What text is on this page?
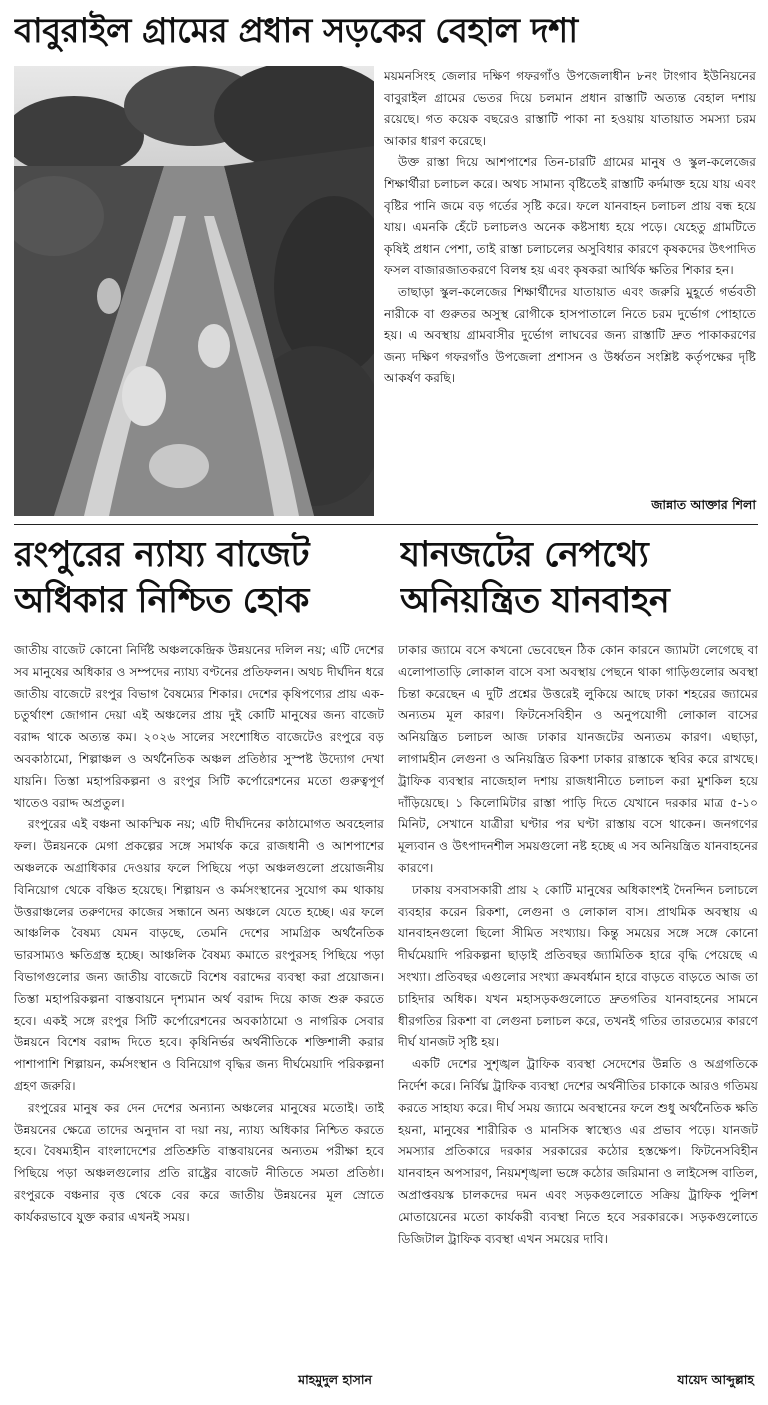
বাবুরাইল গ্রামের প্রধান সড়কের বেহাল দশা

ময়মনসিংহ জেলার দক্ষিণ গফরগাঁও উপজেলাধীন ৮নং টাংগাব ইউনিয়নের বাবুরাইল গ্রামের ভেতর দিয়ে চলমান প্রধান রাস্তাটি অত্যন্ত বেহাল দশায় রয়েছে। গত কয়েক বছরেও রাস্তাটি পাকা না হওয়ায় যাতায়াত সমস্যা চরম আকার ধারণ করেছে।

উক্ত রাস্তা দিয়ে আশপাশের তিন-চারটি গ্রামের মানুষ ও স্কুল-কলেজের শিক্ষার্থীরা চলাচল করে। অথচ সামান্য বৃষ্টিতেই রাস্তাটি কর্দমাক্ত হয়ে যায় এবং বৃষ্টির পানি জমে বড় গর্তের সৃষ্টি করে। ফলে যানবাহন চলাচল প্রায় বন্ধ হয়ে যায়। এমনকি হেঁটে চলাচলও অনেক কষ্টসাধ্য হয়ে পড়ে। যেহেতু গ্রামটিতে কৃষিই প্রধান পেশা, তাই রাস্তা চলাচলের অসুবিধার কারণে কৃষকদের উৎপাদিত ফসল বাজারজাতকরণে বিলম্ব হয় এবং কৃষকরা আর্থিক ক্ষতির শিকার হন।

তাছাড়া স্কুল-কলেজের শিক্ষার্থীদের যাতায়াত এবং জরুরি মুহূর্তে গর্ভবতী নারীকে বা গুরুতর অসুস্থ রোগীকে হাসপাতালে নিতে চরম দুর্ভোগ পোহাতে হয়। এ অবস্থায় গ্রামবাসীর দুর্ভোগ লাঘবের জন্য রাস্তাটি দ্রুত পাকাকরণের জন্য দক্ষিণ গফরগাঁও উপজেলা প্রশাসন ও উর্ধ্বতন সংশ্লিষ্ট কর্তৃপক্ষের দৃষ্টি আকর্ষণ করছি।

জান্নাত আক্তার শিলা
রংপুরের ন্যায্য বাজেট
অধিকার নিশ্চিত হোক
যানজটের নেপথ্যে
অনিয়ন্ত্রিত যানবাহন

জাতীয় বাজেট কোনো নির্দিষ্ট অঞ্চলকেন্দ্রিক উন্নয়নের দলিল নয়; এটি দেশের সব মানুষের অধিকার ও সম্পদের ন্যায্য বণ্টনের প্রতিফলন। অথচ দীর্ঘদিন ধরে জাতীয় বাজেটে রংপুর বিভাগ বৈষম্যের শিকার। দেশের কৃষিপণ্যের প্রায় এক-চতুর্থাংশ জোগান দেয়া এই অঞ্চলের প্রায় দুই কোটি মানুষের জন্য বাজেট বরাদ্দ থাকে অত্যন্ত কম। ২০২৬ সালের সংশোধিত বাজেটেও রংপুরে বড় অবকাঠামো, শিল্পাঞ্চল ও অর্থনৈতিক অঞ্চল প্রতিষ্ঠার সুস্পষ্ট উদ্যোগ দেখা যায়নি। তিস্তা মহাপরিকল্পনা ও রংপুর সিটি কর্পোরেশনের মতো গুরুত্বপূর্ণ খাতেও বরাদ্দ অপ্রতুল।

রংপুরের এই বঞ্চনা আকস্মিক নয়; এটি দীর্ঘদিনের কাঠামোগত অবহেলার ফল। উন্নয়নকে মেগা প্রকল্পের সঙ্গে সমার্থক করে রাজধানী ও আশপাশের অঞ্চলকে অগ্রাধিকার দেওয়ার ফলে পিছিয়ে পড়া অঞ্চলগুলো প্রয়োজনীয় বিনিয়োগ থেকে বঞ্চিত হয়েছে। শিল্পায়ন ও কর্মসংস্থানের সুযোগ কম থাকায় উত্তরাঞ্চলের তরুণদের কাজের সন্ধানে অন্য অঞ্চলে যেতে হচ্ছে। এর ফলে আঞ্চলিক বৈষম্য যেমন বাড়ছে, তেমনি দেশের সামগ্রিক অর্থনৈতিক ভারসাম্যও ক্ষতিগ্রস্ত হচ্ছে। আঞ্চলিক বৈষম্য কমাতে রংপুরসহ পিছিয়ে পড়া বিভাগগুলোর জন্য জাতীয় বাজেটে বিশেষ বরাদ্দের ব্যবস্থা করা প্রয়োজন। তিস্তা মহাপরিকল্পনা বাস্তবায়নে দৃশ্যমান অর্থ বরাদ্দ দিয়ে কাজ শুরু করতে হবে। একই সঙ্গে রংপুর সিটি কর্পোরেশনের অবকাঠামো ও নাগরিক সেবার উন্নয়নে বিশেষ বরাদ্দ দিতে হবে। কৃষিনির্ভর অর্থনীতিকে শক্তিশালী করার পাশাপাশি শিল্পায়ন, কর্মসংস্থান ও বিনিয়োগ বৃদ্ধির জন্য দীর্ঘমেয়াদি পরিকল্পনা গ্রহণ জরুরি।

রংপুরের মানুষ কর দেন দেশের অন্যান্য অঞ্চলের মানুষের মতোই। তাই উন্নয়নের ক্ষেত্রে তাদের অনুদান বা দয়া নয়, ন্যায্য অধিকার নিশ্চিত করতে হবে। বৈষম্যহীন বাংলাদেশের প্রতিশ্রুতি বাস্তবায়নের অন্যতম পরীক্ষা হবে পিছিয়ে পড়া অঞ্চলগুলোর প্রতি রাষ্ট্রের বাজেট নীতিতে সমতা প্রতিষ্ঠা। রংপুরকে বঞ্চনার বৃত্ত থেকে বের করে জাতীয় উন্নয়নের মূল স্রোতে কার্যকরভাবে যুক্ত করার এখনই সময়।

মাহমুদুল হাসান

ঢাকার জ্যামে বসে কখনো ভেবেছেন ঠিক কোন কারনে জ্যামটা লেগেছে বা এলোপাতাড়ি লোকাল বাসে বসা অবস্থায় পেছনে থাকা গাড়িগুলোর অবস্থা চিন্তা করেছেন এ দুটি প্রশ্নের উত্তরেই লুকিয়ে আছে ঢাকা শহরের জ্যামের অন্যতম মূল কারণ। ফিটনেসবিহীন ও অনুপযোগী লোকাল বাসের অনিয়ন্ত্রিত চলাচল আজ ঢাকার যানজটের অন্যতম কারণ। এছাড়া, লাগামহীন লেগুনা ও অনিয়ন্ত্রিত রিকশা ঢাকার রাস্তাকে স্থবির করে রাখছে। ট্রাফিক ব্যবস্থার নাজেহাল দশায় রাজধানীতে চলাচল করা মুশকিল হয়ে দাঁড়িয়েছে। ১ কিলোমিটার রাস্তা পাড়ি দিতে যেখানে দরকার মাত্র ৫-১০ মিনিট, সেখানে যাত্রীরা ঘণ্টার পর ঘণ্টা রাস্তায় বসে থাকেন। জনগণের মূল্যবান ও উৎপাদনশীল সময়গুলো নষ্ট হচ্ছে এ সব অনিয়ন্ত্রিত যানবাহনের কারণে।

ঢাকায় বসবাসকারী প্রায় ২ কোটি মানুষের অধিকাংশই দৈনন্দিন চলাচলে ব্যবহার করেন রিকশা, লেগুনা ও লোকাল বাস। প্রাথমিক অবস্থায় এ যানবাহনগুলো ছিলো সীমিত সংখ্যায়। কিন্তু সময়ের সঙ্গে সঙ্গে কোনো দীর্ঘমেয়াদি পরিকল্পনা ছাড়াই প্রতিবছর জ্যামিতিক হারে বৃদ্ধি পেয়েছে এ সংখ্যা। প্রতিবছর এগুলোর সংখ্যা ক্রমবর্ধমান হারে বাড়তে বাড়তে আজ তা চাহিদার অধিক। যখন মহাসড়কগুলোতে দ্রুতগতির যানবাহনের সামনে ধীরগতির রিকশা বা লেগুনা চলাচল করে, তখনই গতির তারতম্যের কারণে দীর্ঘ যানজট সৃষ্টি হয়।

একটি দেশের সুশৃঙ্খল ট্রাফিক ব্যবস্থা সেদেশের উন্নতি ও অগ্রগতিকে নির্দেশ করে। নির্বিঘ্ন ট্রাফিক ব্যবস্থা দেশের অর্থনীতির চাকাকে আরও গতিময় করতে সাহায্য করে। দীর্ঘ সময় জ্যামে অবস্থানের ফলে শুধু অর্থনৈতিক ক্ষতি হয়না, মানুষের শারীরিক ও মানসিক স্বাস্থ্যেও এর প্রভাব পড়ে। যানজট সমস্যার প্রতিকারে দরকার সরকারের কঠোর হস্তক্ষেপ। ফিটনেসবিহীন যানবাহন অপসারণ, নিয়মশৃঙ্খলা ভঙ্গে কঠোর জরিমানা ও লাইসেন্স বাতিল, অপ্রাপ্তবয়স্ক চালকদের দমন এবং সড়কগুলোতে সক্রিয় ট্রাফিক পুলিশ মোতায়েনের মতো কার্যকরী ব্যবস্থা নিতে হবে সরকারকে। সড়কগুলোতে ডিজিটাল ট্রাফিক ব্যবস্থা এখন সময়ের দাবি।

যায়েদ আব্দুল্লাহ
